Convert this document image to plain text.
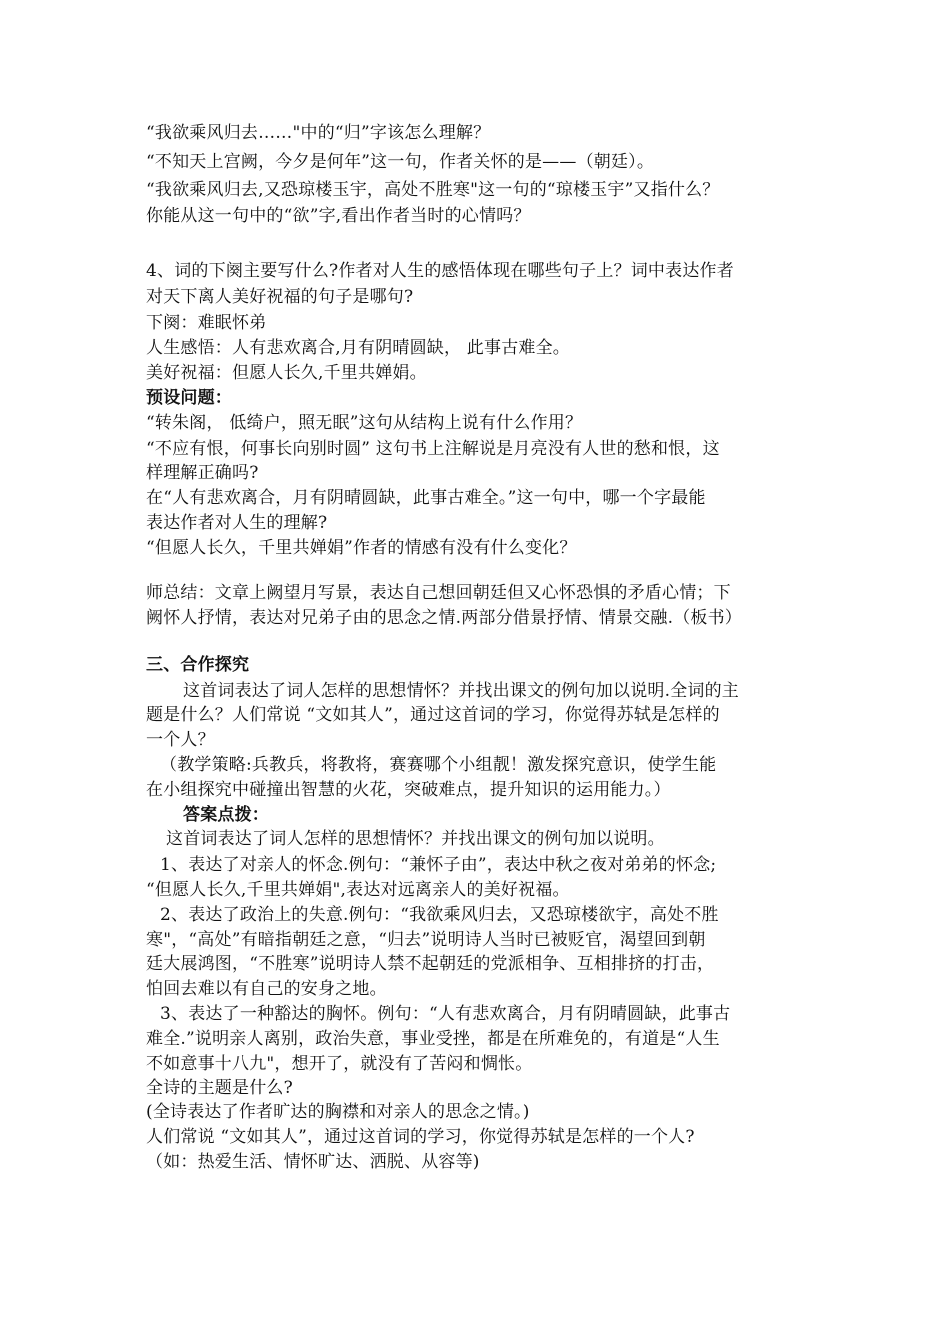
“我欲乘风归去……"中的“归”字该怎么理解？
“不知天上宫阙，今夕是何年”这一句，作者关怀的是——（朝廷）。
“我欲乘风归去,又恐琼楼玉宇，高处不胜寒"这一句的“琼楼玉宇”又指什么？
你能从这一句中的“欲”字,看出作者当时的心情吗？
4、词的下阕主要写什么?作者对人生的感悟体现在哪些句子上？词中表达作者
对天下离人美好祝福的句子是哪句?
下阕：难眠怀弟
人生感悟：人有悲欢离合,月有阴晴圆缺， 此事古难全。
美好祝福：但愿人长久,千里共婵娟。
预设问题：
“转朱阁， 低绮户，照无眠”这句从结构上说有什么作用？
“不应有恨，何事长向别时圆” 这句书上注解说是月亮没有人世的愁和恨，这
样理解正确吗?
在“人有悲欢离合，月有阴晴圆缺，此事古难全。”这一句中，哪一个字最能
表达作者对人生的理解?
“但愿人长久，千里共婵娟”作者的情感有没有什么变化？
师总结：文章上阙望月写景，表达自己想回朝廷但又心怀恐惧的矛盾心情；下
阙怀人抒情，表达对兄弟子由的思念之情.两部分借景抒情、情景交融.（板书）
三、合作探究
这首词表达了词人怎样的思想情怀？并找出课文的例句加以说明.全词的主
题是什么？人们常说 “文如其人”，通过这首词的学习，你觉得苏轼是怎样的
一个人？
（教学策略:兵教兵，将教将，赛赛哪个小组靓！激发探究意识，使学生能
在小组探究中碰撞出智慧的火花，突破难点，提升知识的运用能力。）
答案点拨：
这首词表达了词人怎样的思想情怀？并找出课文的例句加以说明。
1、表达了对亲人的怀念.例句：“兼怀子由”，表达中秋之夜对弟弟的怀念;
“但愿人长久,千里共婵娟",表达对远离亲人的美好祝福。
2、表达了政治上的失意.例句：“我欲乘风归去，又恐琼楼欲宇，高处不胜
寒"，“高处”有暗指朝廷之意，“归去”说明诗人当时已被贬官，渴望回到朝
廷大展鸿图，“不胜寒”说明诗人禁不起朝廷的党派相争、互相排挤的打击，
怕回去难以有自己的安身之地。
3、表达了一种豁达的胸怀。例句：“人有悲欢离合，月有阴晴圆缺，此事古
难全.”说明亲人离别，政治失意，事业受挫，都是在所难免的，有道是“人生
不如意事十八九"，想开了，就没有了苦闷和惆怅。
全诗的主题是什么?
(全诗表达了作者旷达的胸襟和对亲人的思念之情。)
人们常说 “文如其人”，通过这首词的学习，你觉得苏轼是怎样的一个人?
（如：热爱生活、情怀旷达、洒脱、从容等)
